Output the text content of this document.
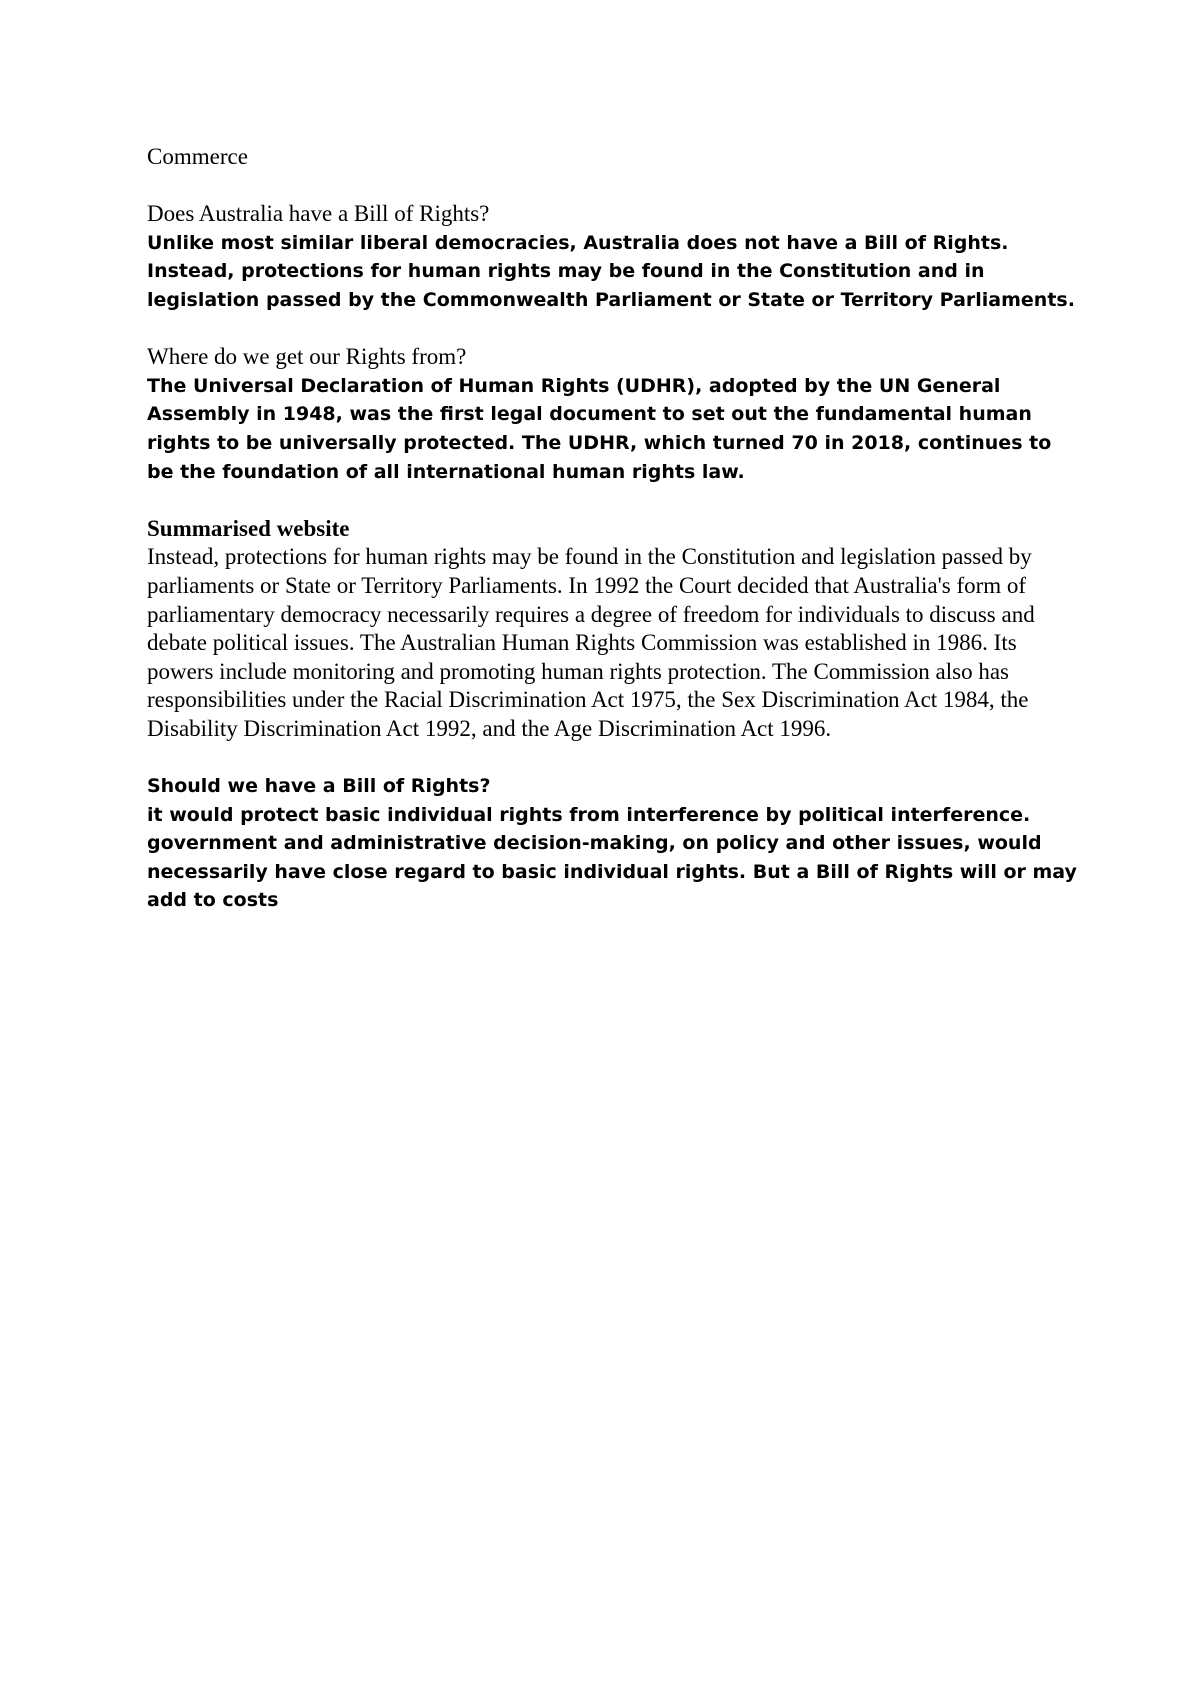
Commerce

Does Australia have a Bill of Rights?

Unlike most similar liberal democracies, Australia does not have a Bill of Rights. Instead, protections for human rights may be found in the Constitution and in legislation passed by the Commonwealth Parliament or State or Territory Parliaments.

Where do we get our Rights from?

The Universal Declaration of Human Rights (UDHR), adopted by the UN General Assembly in 1948, was the first legal document to set out the fundamental human rights to be universally protected. The UDHR, which turned 70 in 2018, continues to be the foundation of all international human rights law.

Summarised website

Instead, protections for human rights may be found in the Constitution and legislation passed by parliaments or State or Territory Parliaments. In 1992 the Court decided that Australia's form of parliamentary democracy necessarily requires a degree of freedom for individuals to discuss and debate political issues. The Australian Human Rights Commission was established in 1986. Its powers include monitoring and promoting human rights protection. The Commission also has responsibilities under the Racial Discrimination Act 1975, the Sex Discrimination Act 1984, the Disability Discrimination Act 1992, and the Age Discrimination Act 1996.

Should we have a Bill of Rights?

it would protect basic individual rights from interference by political interference.

government and administrative decision-making, on policy and other issues, would necessarily have close regard to basic individual rights. But a Bill of Rights will or may add to costs
